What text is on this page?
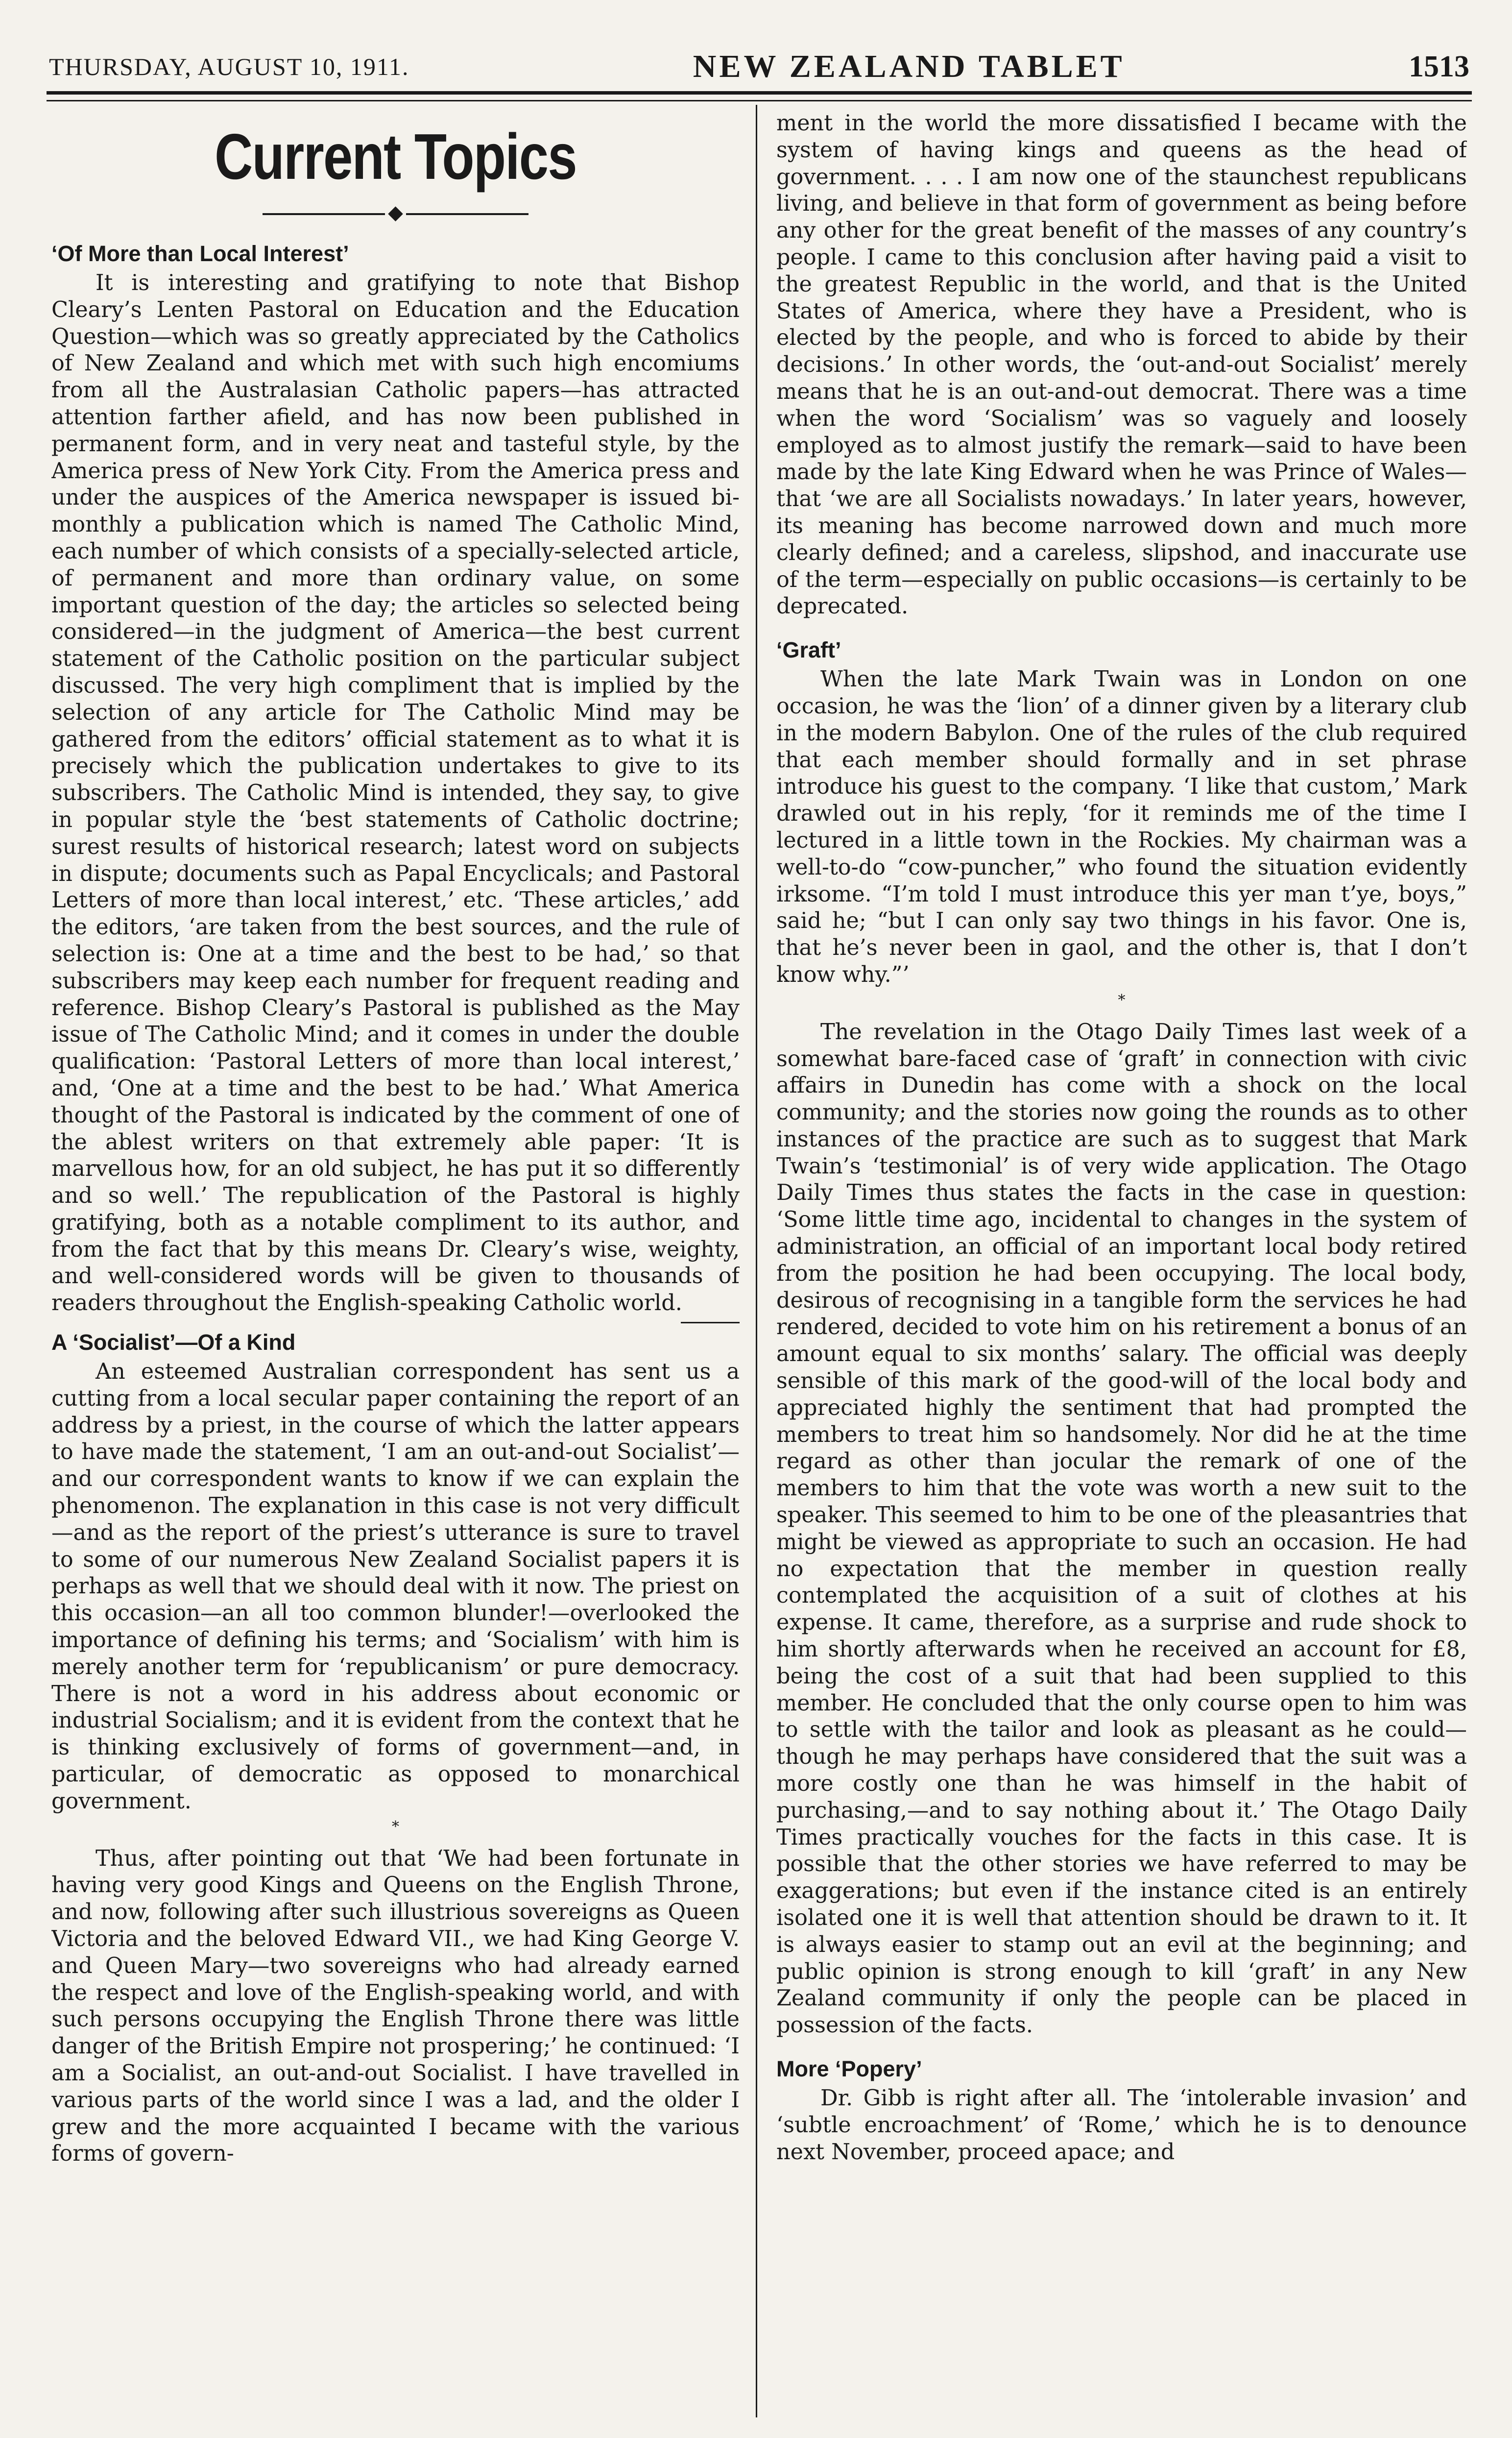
THURSDAY, AUGUST 10, 1911.	NEW ZEALAND TABLET	1513
Current Topics
◆
‘Of More than Local Interest’

It is interesting and gratifying to note that Bishop Cleary’s Lenten Pastoral on Education and the Education Question—which was so greatly appreciated by the Catholics of New Zealand and which met with such high encomiums from all the Australasian Catholic papers—has attracted attention farther afield, and has now been published in permanent form, and in very neat and tasteful style, by the America press of New York City. From the America press and under the auspices of the America newspaper is issued bi-monthly a publication which is named The Catholic Mind, each number of which consists of a specially-selected article, of permanent and more than ordinary value, on some important question of the day; the articles so selected being considered—in the judgment of America—the best current statement of the Catholic position on the particular subject discussed. The very high compliment that is implied by the selection of any article for The Catholic Mind may be gathered from the editors’ official statement as to what it is precisely which the publication undertakes to give to its subscribers. The Catholic Mind is intended, they say, to give in popular style the ‘best statements of Catholic doctrine; surest results of historical research; latest word on subjects in dispute; documents such as Papal Encyclicals; and Pastoral Letters of more than local interest,’ etc. ‘These articles,’ add the editors, ‘are taken from the best sources, and the rule of selection is: One at a time and the best to be had,’ so that subscribers may keep each number for frequent reading and reference. Bishop Cleary’s Pastoral is published as the May issue of The Catholic Mind; and it comes in under the double qualification: ‘Pastoral Letters of more than local interest,’ and, ‘One at a time and the best to be had.’ What America thought of the Pastoral is indicated by the comment of one of the ablest writers on that extremely able paper: ‘It is marvellous how, for an old subject, he has put it so differently and so well.’ The republication of the Pastoral is highly gratifying, both as a notable compliment to its author, and from the fact that by this means Dr. Cleary’s wise, weighty, and well-considered words will be given to thousands of readers throughout the English-speaking Catholic world.

A ‘Socialist’—Of a Kind

An esteemed Australian correspondent has sent us a cutting from a local secular paper containing the report of an address by a priest, in the course of which the latter appears to have made the statement, ‘I am an out-and-out Socialist’—and our correspondent wants to know if we can explain the phenomenon. The explanation in this case is not very difficult—and as the report of the priest’s utterance is sure to travel to some of our numerous New Zealand Socialist papers it is perhaps as well that we should deal with it now. The priest on this occasion—an all too common blunder!—overlooked the importance of defining his terms; and ‘Socialism’ with him is merely another term for ‘republicanism’ or pure democracy. There is not a word in his address about economic or industrial Socialism; and it is evident from the context that he is thinking exclusively of forms of government—and, in particular, of democratic as opposed to monarchical government.

*

Thus, after pointing out that ‘We had been fortunate in having very good Kings and Queens on the English Throne, and now, following after such illustrious sovereigns as Queen Victoria and the beloved Edward VII., we had King George V. and Queen Mary—two sovereigns who had already earned the respect and love of the English-speaking world, and with such persons occupying the English Throne there was little danger of the British Empire not prospering;’ he continued: ‘I am a Socialist, an out-and-out Socialist. I have travelled in various parts of the world since I was a lad, and the older I grew and the more acquainted I became with the various forms of govern-

ment in the world the more dissatisfied I became with the system of having kings and queens as the head of government. . . . I am now one of the staunchest republicans living, and believe in that form of government as being before any other for the great benefit of the masses of any country’s people. I came to this conclusion after having paid a visit to the greatest Republic in the world, and that is the United States of America, where they have a President, who is elected by the people, and who is forced to abide by their decisions.’ In other words, the ‘out-and-out Socialist’ merely means that he is an out-and-out democrat. There was a time when the word ‘Socialism’ was so vaguely and loosely employed as to almost justify the remark—said to have been made by the late King Edward when he was Prince of Wales—that ‘we are all Socialists nowadays.’ In later years, however, its meaning has become narrowed down and much more clearly defined; and a careless, slipshod, and inaccurate use of the term—especially on public occasions—is certainly to be deprecated.

‘Graft’

When the late Mark Twain was in London on one occasion, he was the ‘lion’ of a dinner given by a literary club in the modern Babylon. One of the rules of the club required that each member should formally and in set phrase introduce his guest to the company. ‘I like that custom,’ Mark drawled out in his reply, ‘for it reminds me of the time I lectured in a little town in the Rockies. My chairman was a well-to-do “cow-puncher,” who found the situation evidently irksome. “I’m told I must introduce this yer man t’ye, boys,” said he; “but I can only say two things in his favor. One is, that he’s never been in gaol, and the other is, that I don’t know why.”’

*

The revelation in the Otago Daily Times last week of a somewhat bare-faced case of ‘graft’ in connection with civic affairs in Dunedin has come with a shock on the local community; and the stories now going the rounds as to other instances of the practice are such as to suggest that Mark Twain’s ‘testimonial’ is of very wide application. The Otago Daily Times thus states the facts in the case in question: ‘Some little time ago, incidental to changes in the system of administration, an official of an important local body retired from the position he had been occupying. The local body, desirous of recognising in a tangible form the services he had rendered, decided to vote him on his retirement a bonus of an amount equal to six months’ salary. The official was deeply sensible of this mark of the good-will of the local body and appreciated highly the sentiment that had prompted the members to treat him so handsomely. Nor did he at the time regard as other than jocular the remark of one of the members to him that the vote was worth a new suit to the speaker. This seemed to him to be one of the pleasantries that might be viewed as appropriate to such an occasion. He had no expectation that the member in question really contemplated the acquisition of a suit of clothes at his expense. It came, therefore, as a surprise and rude shock to him shortly afterwards when he received an account for £8, being the cost of a suit that had been supplied to this member. He concluded that the only course open to him was to settle with the tailor and look as pleasant as he could—though he may perhaps have considered that the suit was a more costly one than he was himself in the habit of purchasing,—and to say nothing about it.’ The Otago Daily Times practically vouches for the facts in this case. It is possible that the other stories we have referred to may be exaggerations; but even if the instance cited is an entirely isolated one it is well that attention should be drawn to it. It is always easier to stamp out an evil at the beginning; and public opinion is strong enough to kill ‘graft’ in any New Zealand community if only the people can be placed in possession of the facts.

More ‘Popery’

Dr. Gibb is right after all. The ‘intolerable invasion’ and ‘subtle encroachment’ of ‘Rome,’ which he is to denounce next November, proceed apace; and
